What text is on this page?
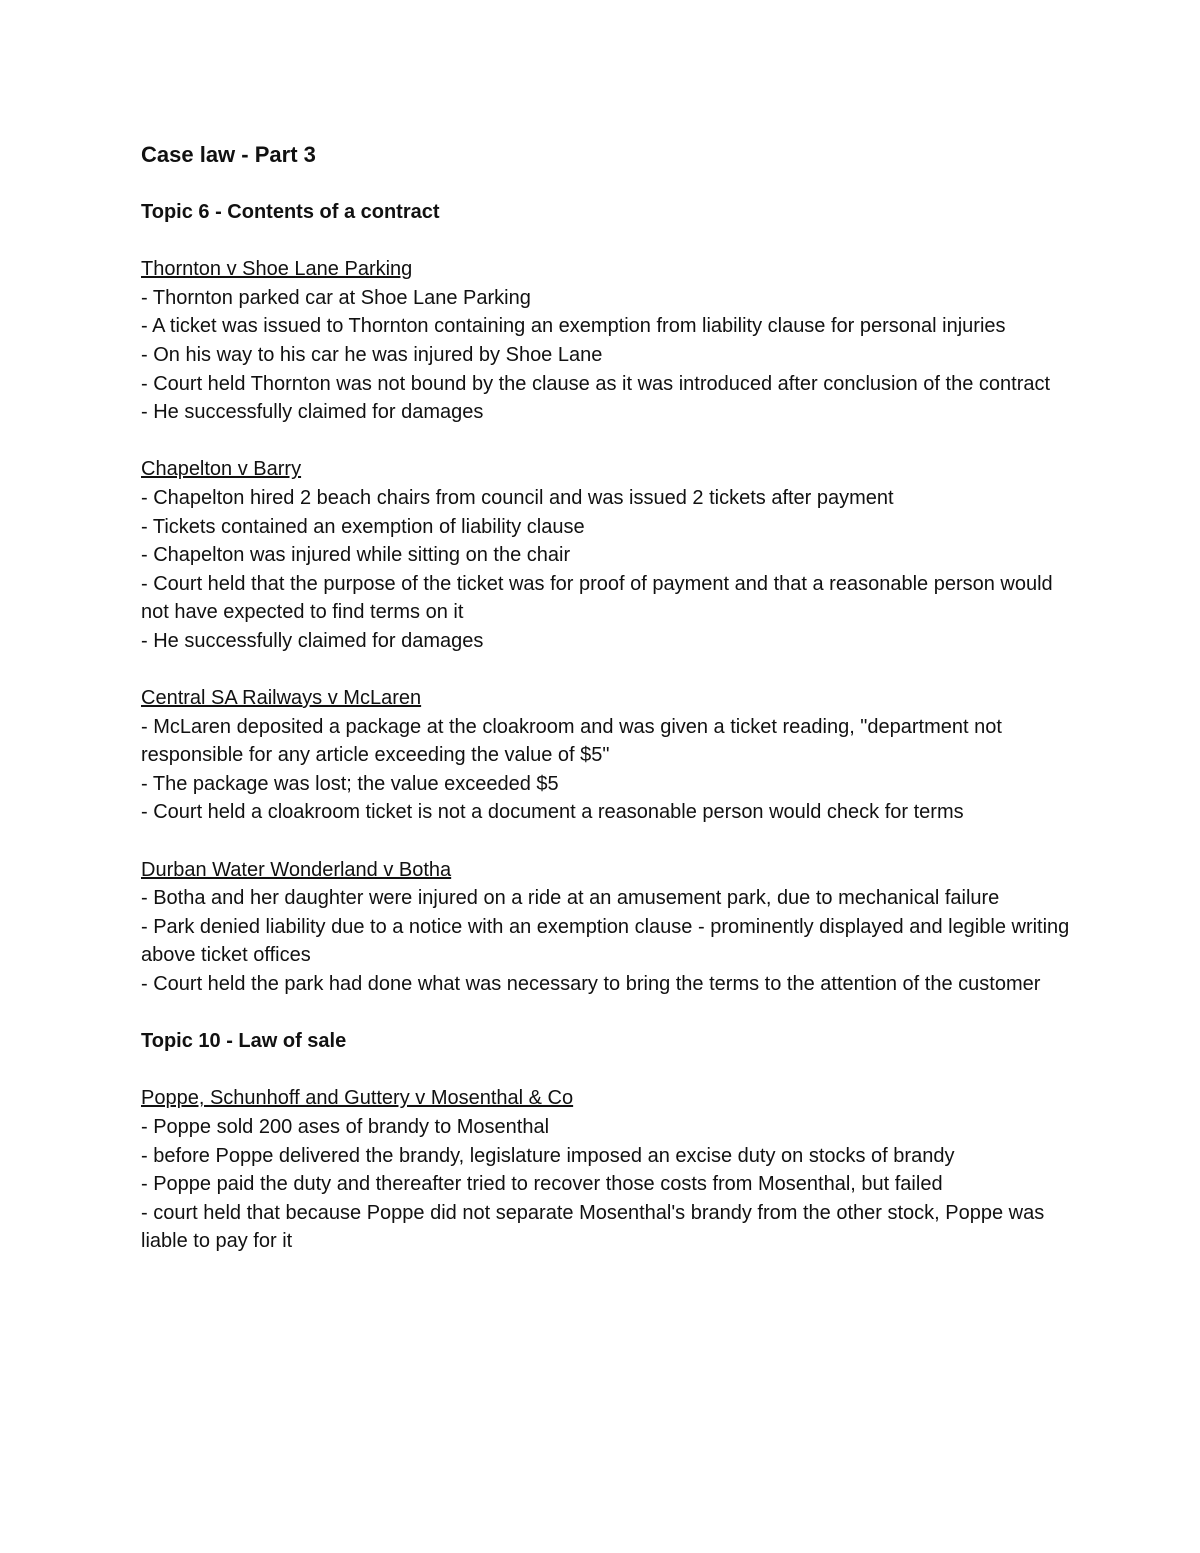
Case law - Part 3

Topic 6 - Contents of a contract

Thornton v Shoe Lane Parking

- Thornton parked car at Shoe Lane Parking

- A ticket was issued to Thornton containing an exemption from liability clause for personal injuries

- On his way to his car he was injured by Shoe Lane

- Court held Thornton was not bound by the clause as it was introduced after conclusion of the contract

- He successfully claimed for damages

Chapelton v Barry

- Chapelton hired 2 beach chairs from council and was issued 2 tickets after payment

- Tickets contained an exemption of liability clause

- Chapelton was injured while sitting on the chair

- Court held that the purpose of the ticket was for proof of payment and that a reasonable person would not have expected to find terms on it

- He successfully claimed for damages

Central SA Railways v McLaren

- McLaren deposited a package at the cloakroom and was given a ticket reading, "department not responsible for any article exceeding the value of $5"

- The package was lost; the value exceeded $5

- Court held a cloakroom ticket is not a document a reasonable person would check for terms

Durban Water Wonderland v Botha

- Botha and her daughter were injured on a ride at an amusement park, due to mechanical failure

- Park denied liability due to a notice with an exemption clause - prominently displayed and legible writing above ticket offices

- Court held the park had done what was necessary to bring the terms to the attention of the customer

Topic 10 - Law of sale

Poppe, Schunhoff and Guttery v Mosenthal & Co

- Poppe sold 200 ases of brandy to Mosenthal

- before Poppe delivered the brandy, legislature imposed an excise duty on stocks of brandy

- Poppe paid the duty and thereafter tried to recover those costs from Mosenthal, but failed

- court held that because Poppe did not separate Mosenthal's brandy from the other stock, Poppe was liable to pay for it
